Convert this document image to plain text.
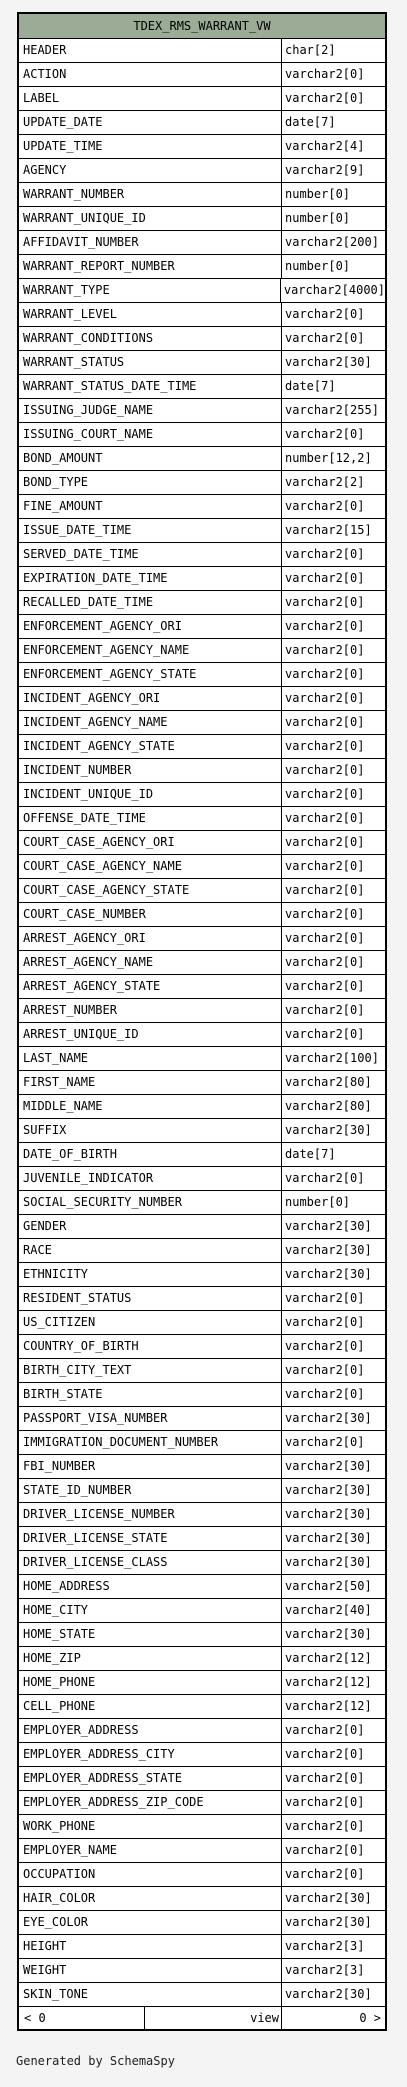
TDEX_RMS_WARRANT_VW
HEADER	char[2]
ACTION	varchar2[0]
LABEL	varchar2[0]
UPDATE_DATE	date[7]
UPDATE_TIME	varchar2[4]
AGENCY	varchar2[9]
WARRANT_NUMBER	number[0]
WARRANT_UNIQUE_ID	number[0]
AFFIDAVIT_NUMBER	varchar2[200]
WARRANT_REPORT_NUMBER	number[0]
WARRANT_TYPE	varchar2[4000]
WARRANT_LEVEL	varchar2[0]
WARRANT_CONDITIONS	varchar2[0]
WARRANT_STATUS	varchar2[30]
WARRANT_STATUS_DATE_TIME	date[7]
ISSUING_JUDGE_NAME	varchar2[255]
ISSUING_COURT_NAME	varchar2[0]
BOND_AMOUNT	number[12,2]
BOND_TYPE	varchar2[2]
FINE_AMOUNT	varchar2[0]
ISSUE_DATE_TIME	varchar2[15]
SERVED_DATE_TIME	varchar2[0]
EXPIRATION_DATE_TIME	varchar2[0]
RECALLED_DATE_TIME	varchar2[0]
ENFORCEMENT_AGENCY_ORI	varchar2[0]
ENFORCEMENT_AGENCY_NAME	varchar2[0]
ENFORCEMENT_AGENCY_STATE	varchar2[0]
INCIDENT_AGENCY_ORI	varchar2[0]
INCIDENT_AGENCY_NAME	varchar2[0]
INCIDENT_AGENCY_STATE	varchar2[0]
INCIDENT_NUMBER	varchar2[0]
INCIDENT_UNIQUE_ID	varchar2[0]
OFFENSE_DATE_TIME	varchar2[0]
COURT_CASE_AGENCY_ORI	varchar2[0]
COURT_CASE_AGENCY_NAME	varchar2[0]
COURT_CASE_AGENCY_STATE	varchar2[0]
COURT_CASE_NUMBER	varchar2[0]
ARREST_AGENCY_ORI	varchar2[0]
ARREST_AGENCY_NAME	varchar2[0]
ARREST_AGENCY_STATE	varchar2[0]
ARREST_NUMBER	varchar2[0]
ARREST_UNIQUE_ID	varchar2[0]
LAST_NAME	varchar2[100]
FIRST_NAME	varchar2[80]
MIDDLE_NAME	varchar2[80]
SUFFIX	varchar2[30]
DATE_OF_BIRTH	date[7]
JUVENILE_INDICATOR	varchar2[0]
SOCIAL_SECURITY_NUMBER	number[0]
GENDER	varchar2[30]
RACE	varchar2[30]
ETHNICITY	varchar2[30]
RESIDENT_STATUS	varchar2[0]
US_CITIZEN	varchar2[0]
COUNTRY_OF_BIRTH	varchar2[0]
BIRTH_CITY_TEXT	varchar2[0]
BIRTH_STATE	varchar2[0]
PASSPORT_VISA_NUMBER	varchar2[30]
IMMIGRATION_DOCUMENT_NUMBER	varchar2[0]
FBI_NUMBER	varchar2[30]
STATE_ID_NUMBER	varchar2[30]
DRIVER_LICENSE_NUMBER	varchar2[30]
DRIVER_LICENSE_STATE	varchar2[30]
DRIVER_LICENSE_CLASS	varchar2[30]
HOME_ADDRESS	varchar2[50]
HOME_CITY	varchar2[40]
HOME_STATE	varchar2[30]
HOME_ZIP	varchar2[12]
HOME_PHONE	varchar2[12]
CELL_PHONE	varchar2[12]
EMPLOYER_ADDRESS	varchar2[0]
EMPLOYER_ADDRESS_CITY	varchar2[0]
EMPLOYER_ADDRESS_STATE	varchar2[0]
EMPLOYER_ADDRESS_ZIP_CODE	varchar2[0]
WORK_PHONE	varchar2[0]
EMPLOYER_NAME	varchar2[0]
OCCUPATION	varchar2[0]
HAIR_COLOR	varchar2[30]
EYE_COLOR	varchar2[30]
HEIGHT	varchar2[3]
WEIGHT	varchar2[3]
SKIN_TONE	varchar2[30]
< 0	view	0 >
Generated by SchemaSpy
